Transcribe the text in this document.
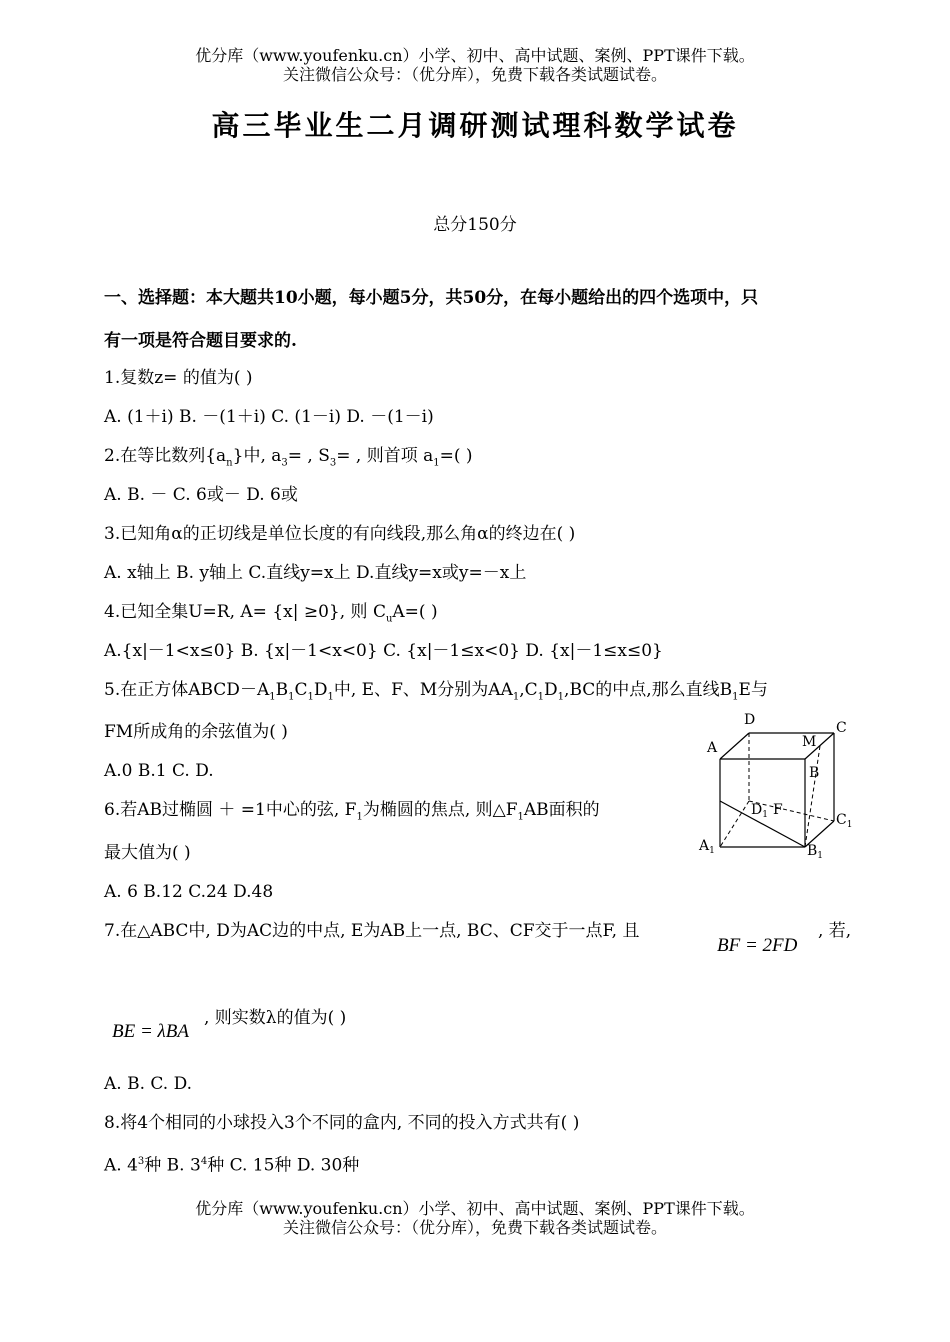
优分库（www.youfenku.cn）小学、初中、高中试题、案例、PPT课件下载。
关注微信公众号：（优分库），免费下载各类试题试卷。
高三毕业生二月调研测试理科数学试卷
总分150分
一、选择题：本大题共10小题，每小题5分，共50分，在每小题给出的四个选项中，只
有一项是符合题目要求的.
1.复数z= 的值为( )
A. (1＋i) B. －(1＋i) C. (1－i) D. －(1－i)
2.在等比数列$\{a_n\}$中, $a_3=$ , $S_3=$ , 则首项 $a_1=$( )
A. B. － C. 6或－ D. 6或
3.已知角α的正切线是单位长度的有向线段,那么角α的终边在( )
A. x轴上 B. y轴上 C.直线y=x上 D.直线y=x或y=－x上
4.已知全集U=R, A= {x| ≥0}, 则 $C_uA=$( )
A.{x|－1<x≤0} B. {x|－1<x<0} C. {x|－1≤x<0} D. {x|－1≤x≤0}
5.在正方体$ABCD-A_1B_1C_1D_1$中, E、F、M分别为$AA_1,C_1D_1,BC$的中点,那么直线$B_1E$与
FM所成角的余弦值为( )
A.0 B.1 C. D.
D	C
A	M
B
$D_1$ F
$C_1$
$A_1$	$B_1$
6.若AB过椭圆 ＋ =1中心的弦, $F_1$为椭圆的焦点, 则$\triangle F_1AB$面积的
最大值为( )
A. 6 B.12 C.24 D.48
7.在△ABC中, D为AC边的中点, E为AB上一点, BC、CF交于一点F, 且
BF = 2FD
, 若,
BE = λBA
, 则实数λ的值为( )
A. B. C. D.
8.将4个相同的小球投入3个不同的盒内, 不同的投入方式共有( )
A. $4^3$种 B. $3^4$种 C. 15种 D. 30种
优分库（www.youfenku.cn）小学、初中、高中试题、案例、PPT课件下载。
关注微信公众号：（优分库），免费下载各类试题试卷。
